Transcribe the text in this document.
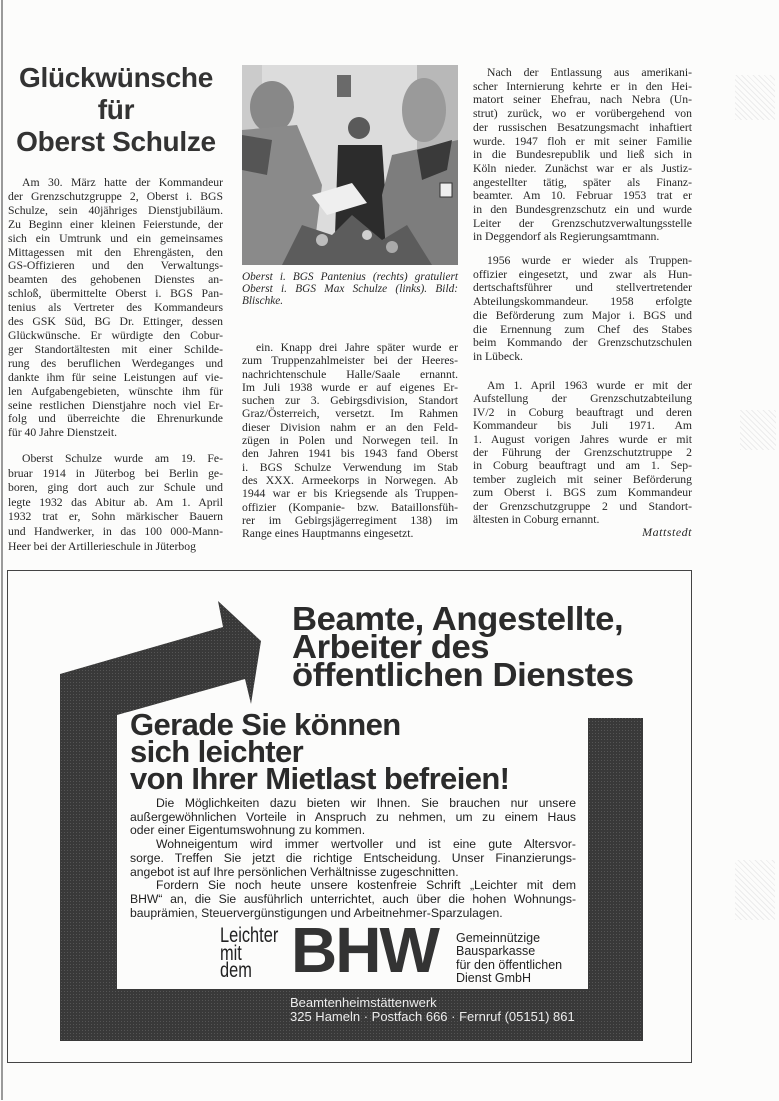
Glückwünsche
für
Oberst Schulze
Oberst i. BGS Pantenius (rechts) gratuliert
Oberst i. BGS Max Schulze (links). Bild:
Blischke.
Am 30. März hatte der Kommandeur
der Grenzschutzgruppe 2, Oberst i. BGS
Schulze, sein 40jähriges Dienstjubiläum.
Zu Beginn einer kleinen Feierstunde, der
sich ein Umtrunk und ein gemeinsames
Mittagessen mit den Ehrengästen, den
GS-Offizieren und den Verwaltungs-
beamten des gehobenen Dienstes an-
schloß, übermittelte Oberst i. BGS Pan-
tenius als Vertreter des Kommandeurs
des GSK Süd, BG Dr. Ettinger, dessen
Glückwünsche. Er würdigte den Cobur-
ger Standortältesten mit einer Schilde-
rung des beruflichen Werdeganges und
dankte ihm für seine Leistungen auf vie-
len Aufgabengebieten, wünschte ihm für
seine restlichen Dienstjahre noch viel Er-
folg und überreichte die Ehrenurkunde
für 40 Jahre Dienstzeit.
Oberst Schulze wurde am 19. Fe-
bruar 1914 in Jüterbog bei Berlin ge-
boren, ging dort auch zur Schule und
legte 1932 das Abitur ab. Am 1. April
1932 trat er, Sohn märkischer Bauern
und Handwerker, in das 100 000-Mann-
Heer bei der Artillerieschule in Jüterbog
ein. Knapp drei Jahre später wurde er
zum Truppenzahlmeister bei der Heeres-
nachrichtenschule Halle/Saale ernannt.
Im Juli 1938 wurde er auf eigenes Er-
suchen zur 3. Gebirgsdivision, Standort
Graz/Österreich, versetzt. Im Rahmen
dieser Division nahm er an den Feld-
zügen in Polen und Norwegen teil. In
den Jahren 1941 bis 1943 fand Oberst
i. BGS Schulze Verwendung im Stab
des XXX. Armeekorps in Norwegen. Ab
1944 war er bis Kriegsende als Truppen-
offizier (Kompanie- bzw. Bataillonsfüh-
rer im Gebirgsjägerregiment 138) im
Range eines Hauptmanns eingesetzt.
Nach der Entlassung aus amerikani-
scher Internierung kehrte er in den Hei-
matort seiner Ehefrau, nach Nebra (Un-
strut) zurück, wo er vorübergehend von
der russischen Besatzungsmacht inhaftiert
wurde. 1947 floh er mit seiner Familie
in die Bundesrepublik und ließ sich in
Köln nieder. Zunächst war er als Justiz-
angestellter tätig, später als Finanz-
beamter. Am 10. Februar 1953 trat er
in den Bundesgrenzschutz ein und wurde
Leiter der Grenzschutzverwaltungsstelle
in Deggendorf als Regierungsamtmann.
1956 wurde er wieder als Truppen-
offizier eingesetzt, und zwar als Hun-
dertschaftsführer und stellvertretender
Abteilungskommandeur. 1958 erfolgte
die Beförderung zum Major i. BGS und
die Ernennung zum Chef des Stabes
beim Kommando der Grenzschutzschulen
in Lübeck.
Am 1. April 1963 wurde er mit der
Aufstellung der Grenzschutzabteilung
IV/2 in Coburg beauftragt und deren
Kommandeur bis Juli 1971. Am
1. August vorigen Jahres wurde er mit
der Führung der Grenzschutztruppe 2
in Coburg beauftragt und am 1. Sep-
tember zugleich mit seiner Beförderung
zum Oberst i. BGS zum Kommandeur
der Grenzschutzgruppe 2 und Standort-
ältesten in Coburg ernannt.
Mattstedt
Beamte, Angestellte,
Arbeiter des
öffentlichen Dienstes
Gerade Sie können
sich leichter
von Ihrer Mietlast befreien!
Die Möglichkeiten dazu bieten wir Ihnen. Sie brauchen nur unsere
außergewöhnlichen Vorteile in Anspruch zu nehmen, um zu einem Haus
oder einer Eigentumswohnung zu kommen.
Wohneigentum wird immer wertvoller und ist eine gute Altersvor-
sorge. Treffen Sie jetzt die richtige Entscheidung. Unser Finanzierungs-
angebot ist auf Ihre persönlichen Verhältnisse zugeschnitten.
Fordern Sie noch heute unsere kostenfreie Schrift „Leichter mit dem
BHW“ an, die Sie ausführlich unterrichtet, auch über die hohen Wohnungs-
bauprämien, Steuervergünstigungen und Arbeitnehmer-Sparzulagen.
Leichter
mit
dem BHW Gemeinnützige
Bausparkasse
für den öffentlichen
Dienst GmbH
Beamtenheimstättenwerk
325 Hameln · Postfach 666 · Fernruf (05151) 861
